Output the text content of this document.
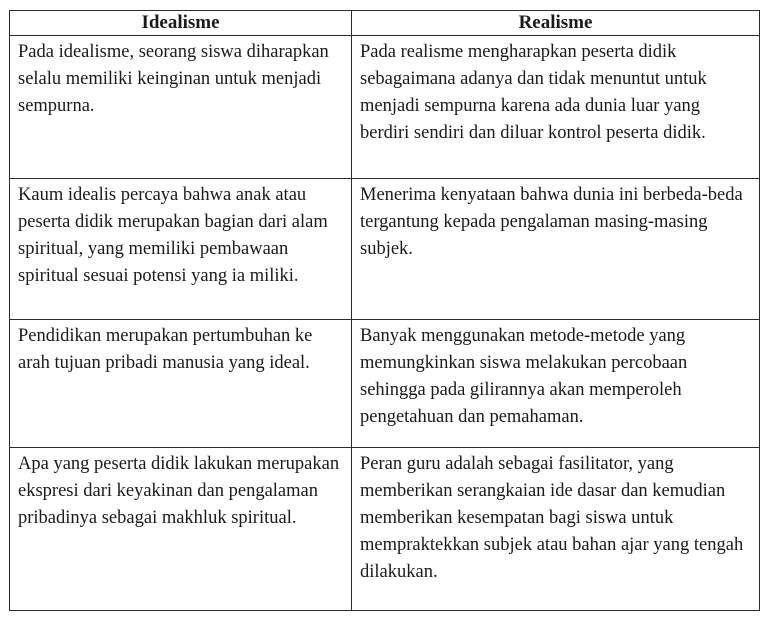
Idealisme	Realisme

Pada idealisme, seorang siswa diharapkan selalu memiliki keinginan untuk menjadi sempurna.	Pada realisme mengharapkan peserta didik sebagaimana adanya dan tidak menuntut untuk menjadi sempurna karena ada dunia luar yang berdiri sendiri dan diluar kontrol peserta didik.

Kaum idealis percaya bahwa anak atau peserta didik merupakan bagian dari alam spiritual, yang memiliki pembawaan spiritual sesuai potensi yang ia miliki.	Menerima kenyataan bahwa dunia ini berbeda-beda tergantung kepada pengalaman masing-masing subjek.

Pendidikan merupakan pertumbuhan ke arah tujuan pribadi manusia yang ideal.	Banyak menggunakan metode-metode yang memungkinkan siswa melakukan percobaan sehingga pada gilirannya akan memperoleh pengetahuan dan pemahaman.

Apa yang peserta didik lakukan merupakan ekspresi dari keyakinan dan pengalaman pribadinya sebagai makhluk spiritual.	Peran guru adalah sebagai fasilitator, yang memberikan serangkaian ide dasar dan kemudian memberikan kesempatan bagi siswa untuk mempraktekkan subjek atau bahan ajar yang tengah dilakukan.
